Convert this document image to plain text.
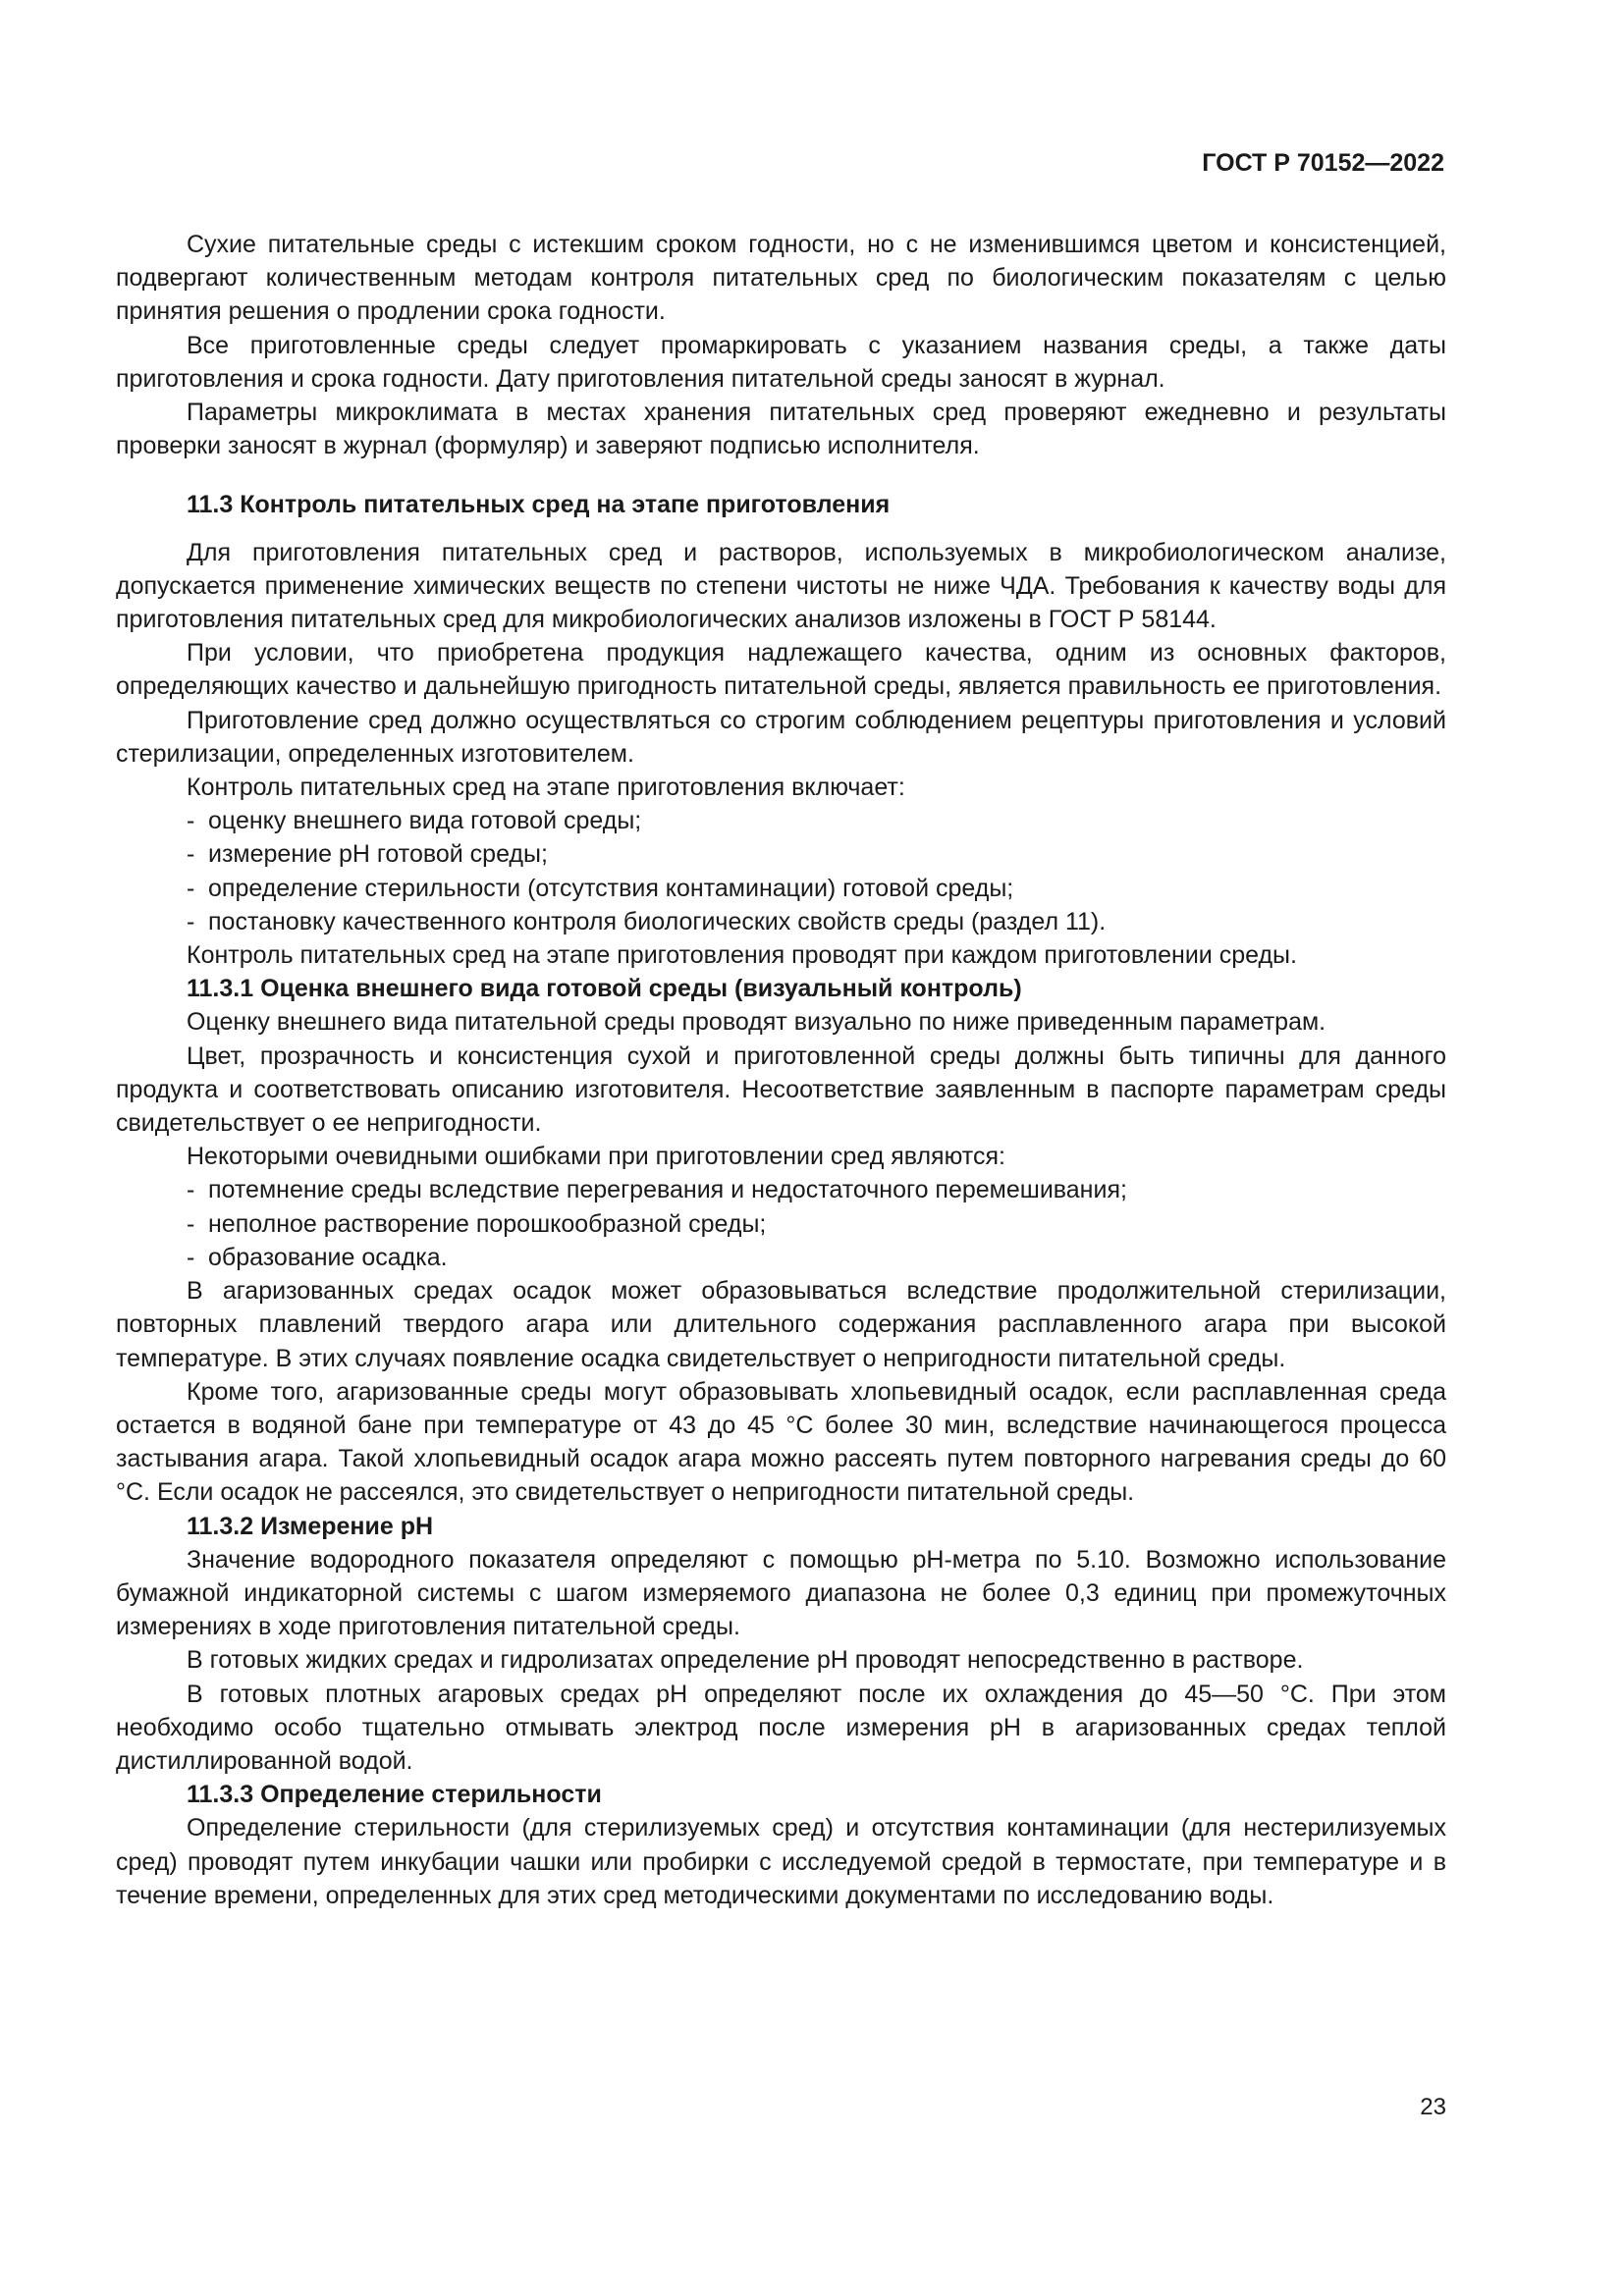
ГОСТ Р 70152—2022
Сухие питательные среды с истекшим сроком годности, но с не изменившимся цветом и консистенцией, подвергают количественным методам контроля питательных сред по биологическим показателям с целью принятия решения о продлении срока годности.
Все приготовленные среды следует промаркировать с указанием названия среды, а также даты приготовления и срока годности. Дату приготовления питательной среды заносят в журнал.
Параметры микроклимата в местах хранения питательных сред проверяют ежедневно и результаты проверки заносят в журнал (формуляр) и заверяют подписью исполнителя.
11.3 Контроль питательных сред на этапе приготовления
Для приготовления питательных сред и растворов, используемых в микробиологическом анализе, допускается применение химических веществ по степени чистоты не ниже ЧДА. Требования к качеству воды для приготовления питательных сред для микробиологических анализов изложены в ГОСТ Р 58144.
При условии, что приобретена продукция надлежащего качества, одним из основных факторов, определяющих качество и дальнейшую пригодность питательной среды, является правильность ее приготовления.
Приготовление сред должно осуществляться со строгим соблюдением рецептуры приготовления и условий стерилизации, определенных изготовителем.
Контроль питательных сред на этапе приготовления включает:
- оценку внешнего вида готовой среды;
- измерение pH готовой среды;
- определение стерильности (отсутствия контаминации) готовой среды;
- постановку качественного контроля биологических свойств среды (раздел 11).
Контроль питательных сред на этапе приготовления проводят при каждом приготовлении среды.
11.3.1 Оценка внешнего вида готовой среды (визуальный контроль)
Оценку внешнего вида питательной среды проводят визуально по ниже приведенным параметрам.
Цвет, прозрачность и консистенция сухой и приготовленной среды должны быть типичны для данного продукта и соответствовать описанию изготовителя. Несоответствие заявленным в паспорте параметрам среды свидетельствует о ее непригодности.
Некоторыми очевидными ошибками при приготовлении сред являются:
- потемнение среды вследствие перегревания и недостаточного перемешивания;
- неполное растворение порошкообразной среды;
- образование осадка.
В агаризованных средах осадок может образовываться вследствие продолжительной стерилизации, повторных плавлений твердого агара или длительного содержания расплавленного агара при высокой температуре. В этих случаях появление осадка свидетельствует о непригодности питательной среды.
Кроме того, агаризованные среды могут образовывать хлопьевидный осадок, если расплавленная среда остается в водяной бане при температуре от 43 до 45 °С более 30 мин, вследствие начинающегося процесса застывания агара. Такой хлопьевидный осадок агара можно рассеять путем повторного нагревания среды до 60 °С. Если осадок не рассеялся, это свидетельствует о непригодности питательной среды.
11.3.2 Измерение pH
Значение водородного показателя определяют с помощью pH-метра по 5.10. Возможно использование бумажной индикаторной системы с шагом измеряемого диапазона не более 0,3 единиц при промежуточных измерениях в ходе приготовления питательной среды.
В готовых жидких средах и гидролизатах определение pH проводят непосредственно в растворе.
В готовых плотных агаровых средах pH определяют после их охлаждения до 45—50 °С. При этом необходимо особо тщательно отмывать электрод после измерения pH в агаризованных средах теплой дистиллированной водой.
11.3.3 Определение стерильности
Определение стерильности (для стерилизуемых сред) и отсутствия контаминации (для нестерилизуемых сред) проводят путем инкубации чашки или пробирки с исследуемой средой в термостате, при температуре и в течение времени, определенных для этих сред методическими документами по исследованию воды.
23
